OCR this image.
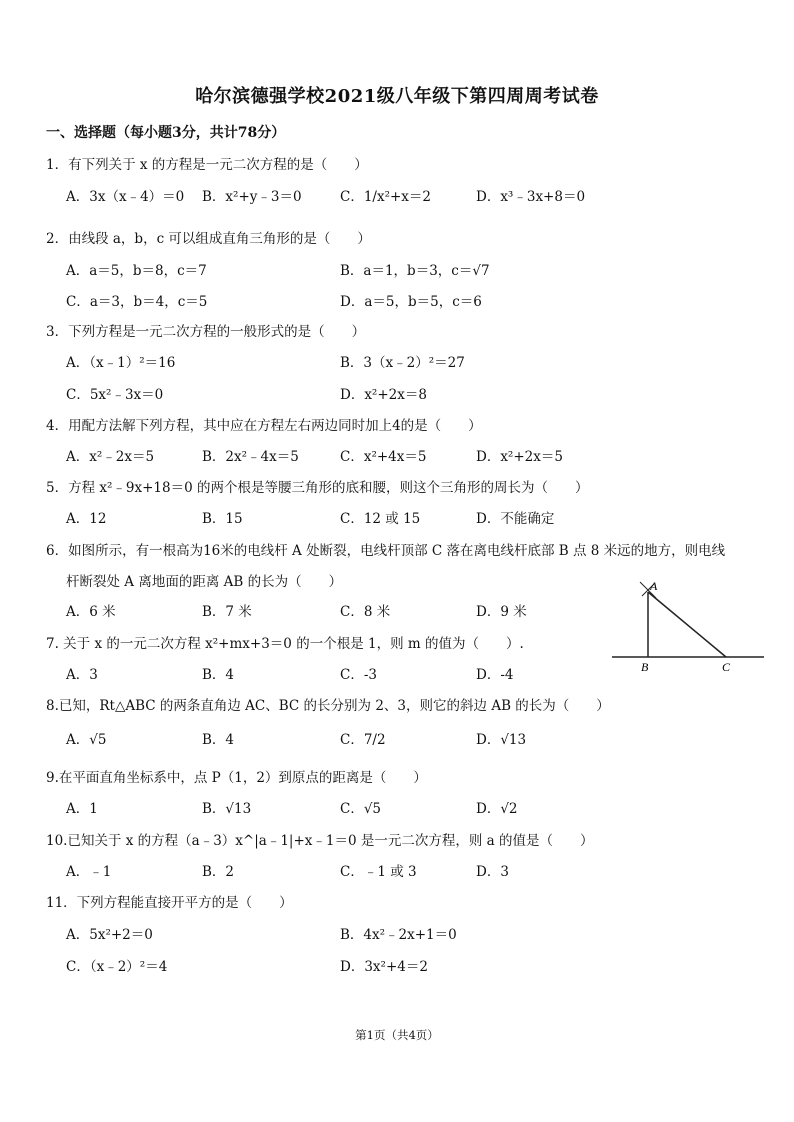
哈尔滨德强学校2021级八年级下第四周周考试卷
一、选择题（每小题3分，共计78分）
1．有下列关于 x 的方程是一元二次方程的是（　　）
A．3x（x﹣4）＝0 B．x²+y﹣3＝0	C．1/x²+x＝2	D．x³﹣3x+8＝0
2．由线段 a，b，c 可以组成直角三角形的是（　　）
A．a＝5，b＝8，c＝7	B．a＝1，b＝3，c＝√7
C．a＝3，b＝4，c＝5	D．a＝5，b＝5，c＝6
3．下列方程是一元二次方程的一般形式的是（　　）
A．（x﹣1）²＝16	B．3（x﹣2）²＝27
C．5x²﹣3x＝0	D．x²+2x＝8
4．用配方法解下列方程，其中应在方程左右两边同时加上4的是（　　）
A．x²﹣2x＝5	B．2x²﹣4x＝5	C．x²+4x＝5	D．x²+2x＝5
5．方程 x²﹣9x+18＝0 的两个根是等腰三角形的底和腰，则这个三角形的周长为（　　）
A．12	B．15	C．12 或 15	D．不能确定
6．如图所示，有一根高为16米的电线杆 A 处断裂，电线杆顶部 C 落在离电线杆底部 B 点 8 米远的地方，则电线
杆断裂处 A 离地面的距离 AB 的长为（　　）
A．6 米	B．7 米	C．8 米	D．9 米
A
B	C
7. 关于 x 的一元二次方程 x²+mx+3＝0 的一个根是 1，则 m 的值为（　　）.
A．3	B．4	C．-3	D．-4
8.已知，Rt△ABC 的两条直角边 AC、BC 的长分别为 2、3，则它的斜边 AB 的长为（　　）
A．√5	B．4	C．7/2	D．√13
9.在平面直角坐标系中，点 P（1，2）到原点的距离是（　　）
A．1	B．√13	C．√5	D．√2
10.已知关于 x 的方程（a﹣3）x^|a﹣1|+x﹣1＝0 是一元二次方程，则 a 的值是（　　）
A．﹣1	B．2	C．﹣1 或 3	D．3
11．下列方程能直接开平方的是（　　）
A．5x²+2＝0	B．4x²﹣2x+1＝0
C．（x﹣2）²＝4	D．3x²+4＝2
第1页（共4页）
